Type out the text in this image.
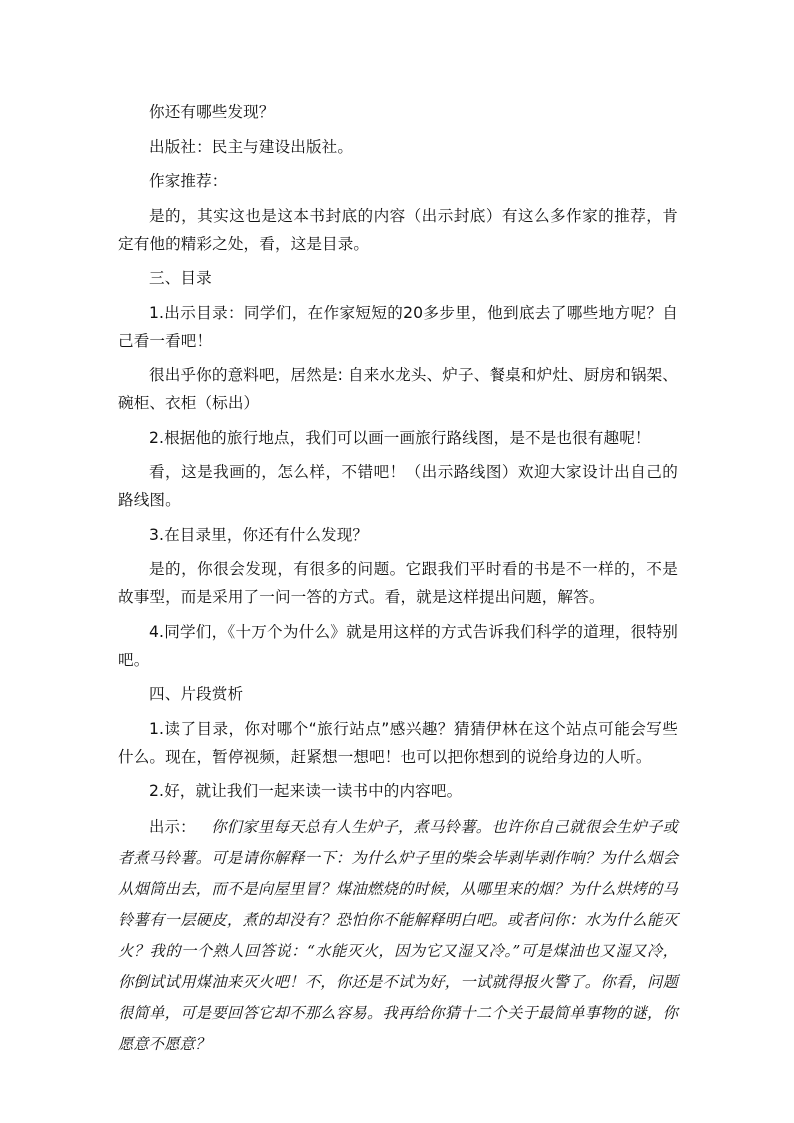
你还有哪些发现？

出版社：民主与建设出版社。

作家推荐：

是的，其实这也是这本书封底的内容（出示封底）有这么多作家的推荐，肯定有他的精彩之处，看，这是目录。

三、目录

1.出示目录：同学们，在作家短短的20多步里，他到底去了哪些地方呢？自己看一看吧！

很出乎你的意料吧，居然是: 自来水龙头、炉子、餐桌和炉灶、厨房和锅架、碗柜、衣柜（标出）

2.根据他的旅行地点，我们可以画一画旅行路线图，是不是也很有趣呢！

看，这是我画的，怎么样，不错吧！（出示路线图）欢迎大家设计出自己的路线图。

3.在目录里，你还有什么发现？

是的，你很会发现，有很多的问题。它跟我们平时看的书是不一样的，不是故事型，而是采用了一问一答的方式。看，就是这样提出问题，解答。

4.同学们，《十万个为什么》就是用这样的方式告诉我们科学的道理，很特别吧。

四、片段赏析

1.读了目录，你对哪个“旅行站点”感兴趣？猜猜伊林在这个站点可能会写些什么。现在，暂停视频，赶紧想一想吧！也可以把你想到的说给身边的人听。

2.好，就让我们一起来读一读书中的内容吧。

出示： 你们家里每天总有人生炉子，煮马铃薯。也许你自己就很会生炉子或者煮马铃薯。可是请你解释一下：为什么炉子里的柴会毕剥毕剥作响？为什么烟会从烟筒出去，而不是向屋里冒？煤油燃烧的时候，从哪里来的烟？为什么烘烤的马铃薯有一层硬皮，煮的却没有？恐怕你不能解释明白吧。或者问你：水为什么能灭火？我的一个熟人回答说：“水能灭火，因为它又湿又冷。”可是煤油也又湿又冷，你倒试试用煤油来灭火吧！不，你还是不试为好，一试就得报火警了。你看，问题很简单，可是要回答它却不那么容易。我再给你猜十二个关于最简单事物的谜，你愿意不愿意？
